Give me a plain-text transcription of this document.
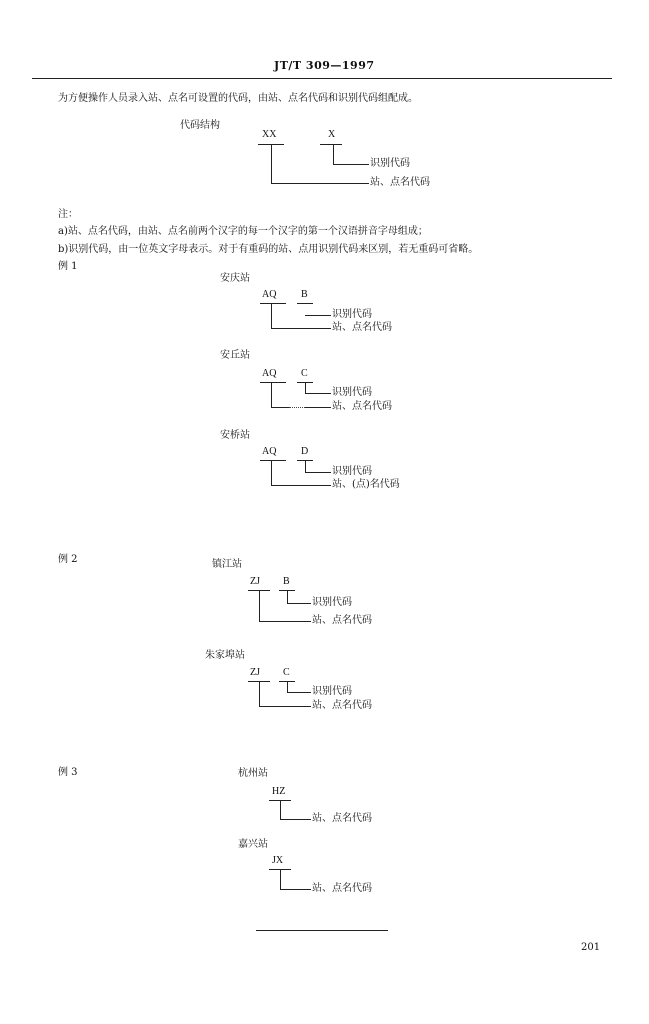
JT/T 309—1997
为方便操作人员录入站、点名可设置的代码，由站、点名代码和识别代码组配成。
代码结构
XX	X
识别代码
站、点名代码
注：
a)站、点名代码，由站、点名前两个汉字的每一个汉字的第一个汉语拼音字母组成；
b)识别代码，由一位英文字母表示。对于有重码的站、点用识别代码来区别，若无重码可省略。
例 1
安庆站
AQ B
识别代码
站、点名代码
安丘站
AQ C
识别代码
站、点名代码
安桥站
AQ D
识别代码
站、(点)名代码
例 2	镇江站
ZJ B
识别代码
站、点名代码
朱家埠站
ZJ C
识别代码
站、点名代码
例 3	杭州站
HZ
站、点名代码
嘉兴站
JX
站、点名代码
201
